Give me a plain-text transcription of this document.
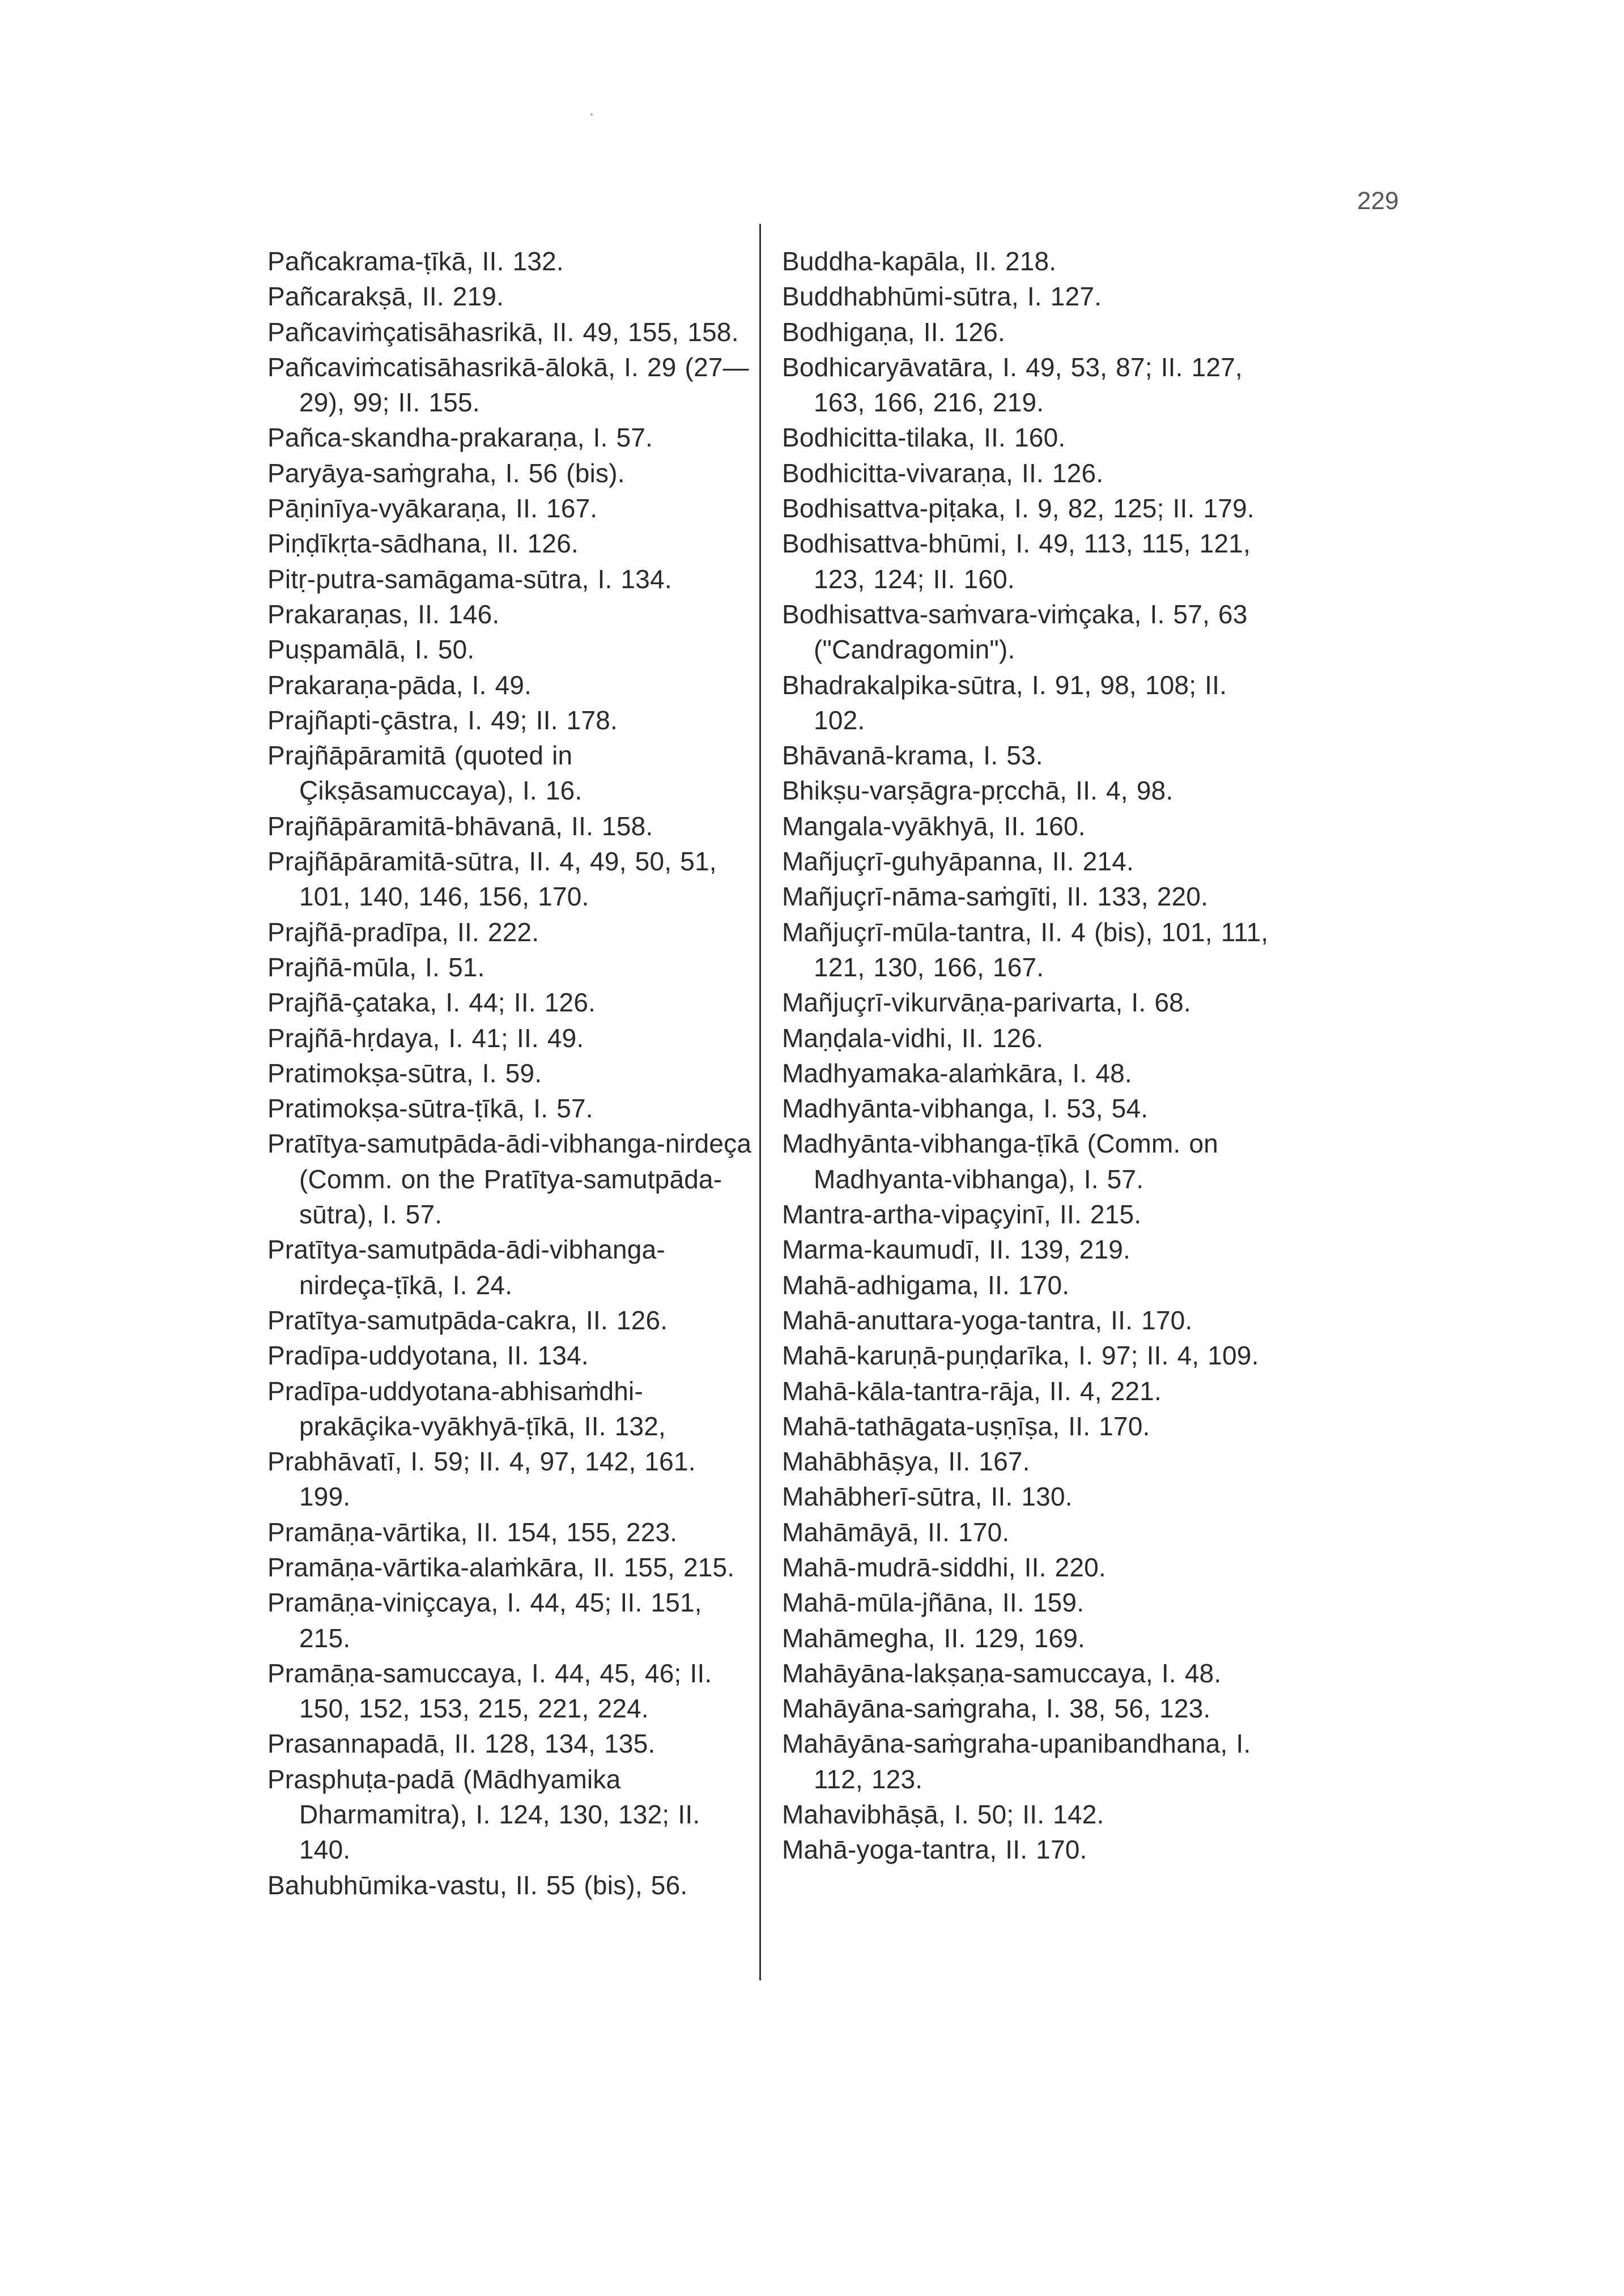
229
Pañcakrama-ṭīkā, II. 132.
Pañcarakṣā, II. 219.
Pañcaviṁçatisāhasrikā, II. 49, 155, 158.
Pañcaviṁcatisāhasrikā-ālokā, I. 29 (27—29), 99; II. 155.
Pañca-skandha-prakaraṇa, I. 57.
Paryāya-saṁgraha, I. 56 (bis).
Pāṇinīya-vyākaraṇa, II. 167.
Piṇḍīkṛta-sādhana, II. 126.
Pitṛ-putra-samāgama-sūtra, I. 134.
Prakaraṇas, II. 146.
Puṣpamālā, I. 50.
Prakaraṇa-pāda, I. 49.
Prajñapti-çāstra, I. 49; II. 178.
Prajñāpāramitā (quoted in Çikṣāsamuccaya), I. 16.
Prajñāpāramitā-bhāvanā, II. 158.
Prajñāpāramitā-sūtra, II. 4, 49, 50, 51, 101, 140, 146, 156, 170.
Prajñā-pradīpa, II. 222.
Prajñā-mūla, I. 51.
Prajñā-çataka, I. 44; II. 126.
Prajñā-hṛdaya, I. 41; II. 49.
Pratimokṣa-sūtra, I. 59.
Pratimokṣa-sūtra-ṭīkā, I. 57.
Pratītya-samutpāda-ādi-vibhanga-nirdeça (Comm. on the Pratītya-samutpāda-sūtra), I. 57.
Pratītya-samutpāda-ādi-vibhanga-nirdeça-ṭīkā, I. 24.
Pratītya-samutpāda-cakra, II. 126.
Pradīpa-uddyotana, II. 134.
Pradīpa-uddyotana-abhisaṁdhi-prakāçika-vyākhyā-ṭīkā, II. 132,
Prabhāvatī, I. 59; II. 4, 97, 142, 161. 199.
Pramāṇa-vārtika, II. 154, 155, 223.
Pramāṇa-vārtika-alaṁkāra, II. 155, 215.
Pramāṇa-viniçcaya, I. 44, 45; II. 151, 215.
Pramāṇa-samuccaya, I. 44, 45, 46; II. 150, 152, 153, 215, 221, 224.
Prasannapadā, II. 128, 134, 135.
Prasphuṭa-padā (Mādhyamika Dharmamitra), I. 124, 130, 132; II. 140.
Bahubhūmika-vastu, II. 55 (bis), 56.
Buddha-kapāla, II. 218.
Buddhabhūmi-sūtra, I. 127.
Bodhigaṇa, II. 126.
Bodhicaryāvatāra, I. 49, 53, 87; II. 127, 163, 166, 216, 219.
Bodhicitta-tilaka, II. 160.
Bodhicitta-vivaraṇa, II. 126.
Bodhisattva-piṭaka, I. 9, 82, 125; II. 179.
Bodhisattva-bhūmi, I. 49, 113, 115, 121, 123, 124; II. 160.
Bodhisattva-saṁvara-viṁçaka, I. 57, 63 ("Candragomin").
Bhadrakalpika-sūtra, I. 91, 98, 108; II. 102.
Bhāvanā-krama, I. 53.
Bhikṣu-varṣāgra-pṛcchā, II. 4, 98.
Mangala-vyākhyā, II. 160.
Mañjuçrī-guhyāpanna, II. 214.
Mañjuçrī-nāma-saṁgīti, II. 133, 220.
Mañjuçrī-mūla-tantra, II. 4 (bis), 101, 111, 121, 130, 166, 167.
Mañjuçrī-vikurvāṇa-parivarta, I. 68.
Maṇḍala-vidhi, II. 126.
Madhyamaka-alaṁkāra, I. 48.
Madhyānta-vibhanga, I. 53, 54.
Madhyānta-vibhanga-ṭīkā (Comm. on Madhyanta-vibhanga), I. 57.
Mantra-artha-vipaçyinī, II. 215.
Marma-kaumudī, II. 139, 219.
Mahā-adhigama, II. 170.
Mahā-anuttara-yoga-tantra, II. 170.
Mahā-karuṇā-puṇḍarīka, I. 97; II. 4, 109.
Mahā-kāla-tantra-rāja, II. 4, 221.
Mahā-tathāgata-uṣṇīṣa, II. 170.
Mahābhāṣya, II. 167.
Mahābherī-sūtra, II. 130.
Mahāmāyā, II. 170.
Mahā-mudrā-siddhi, II. 220.
Mahā-mūla-jñāna, II. 159.
Mahāmegha, II. 129, 169.
Mahāyāna-lakṣaṇa-samuccaya, I. 48.
Mahāyāna-saṁgraha, I. 38, 56, 123.
Mahāyāna-saṁgraha-upanibandhana, I. 112, 123.
Mahavibhāṣā, I. 50; II. 142.
Mahā-yoga-tantra, II. 170.
